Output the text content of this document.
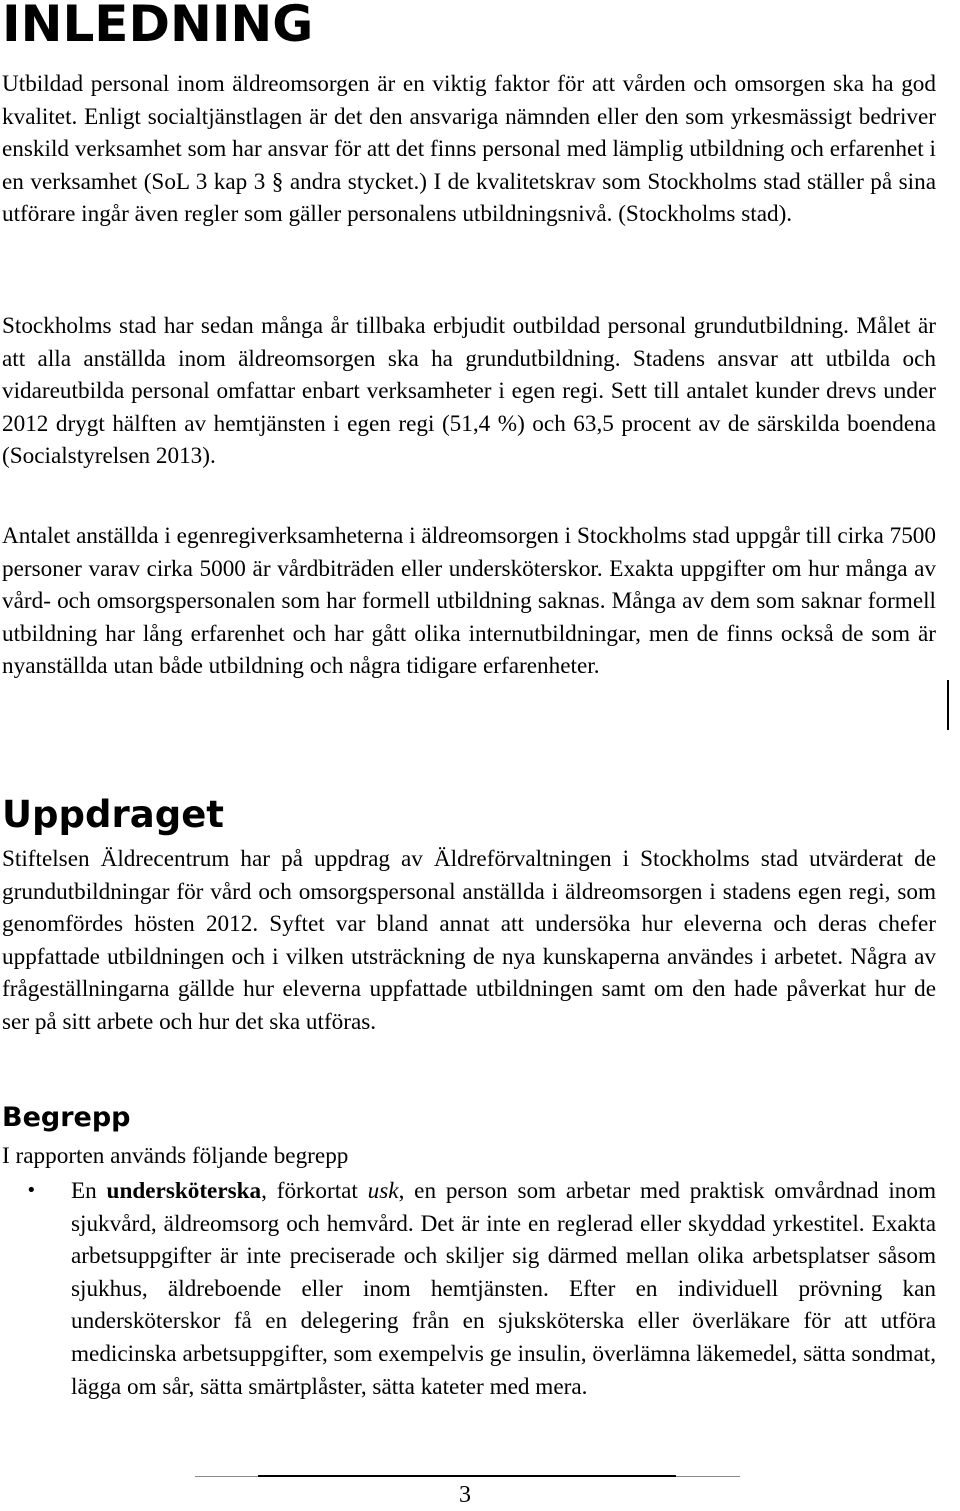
INLEDNING

Utbildad personal inom äldreomsorgen är en viktig faktor för att vården och omsorgen ska ha god kvalitet. Enligt socialtjänstlagen är det den ansvariga nämnden eller den som yrkesmässigt bedriver enskild verksamhet som har ansvar för att det finns personal med lämplig utbildning och erfarenhet i en verksamhet (SoL 3 kap 3 § andra stycket.) I de kvalitetskrav som Stockholms stad ställer på sina utförare ingår även regler som gäller personalens utbildningsnivå. (Stockholms stad).

Stockholms stad har sedan många år tillbaka erbjudit outbildad personal grundutbildning. Målet är att alla anställda inom äldreomsorgen ska ha grundutbildning. Stadens ansvar att utbilda och vidareutbilda personal omfattar enbart verksamheter i egen regi. Sett till antalet kunder drevs under 2012 drygt hälften av hemtjänsten i egen regi (51,4 %) och 63,5 procent av de särskilda boendena (Socialstyrelsen 2013).

Antalet anställda i egenregiverksamheterna i äldreomsorgen i Stockholms stad uppgår till cirka 7500 personer varav cirka 5000 är vårdbiträden eller undersköterskor. Exakta uppgifter om hur många av vård- och omsorgspersonalen som har formell utbildning saknas. Många av dem som saknar formell utbildning har lång erfarenhet och har gått olika internutbildningar, men de finns också de som är nyanställda utan både utbildning och några tidigare erfarenheter.

Uppdraget

Stiftelsen Äldrecentrum har på uppdrag av Äldreförvaltningen i Stockholms stad utvärderat de grundutbildningar för vård och omsorgspersonal anställda i äldreomsorgen i stadens egen regi, som genomfördes hösten 2012. Syftet var bland annat att undersöka hur eleverna och deras chefer uppfattade utbildningen och i vilken utsträckning de nya kunskaperna användes i arbetet. Några av frågeställningarna gällde hur eleverna uppfattade utbildningen samt om den hade påverkat hur de ser på sitt arbete och hur det ska utföras.

Begrepp

I rapporten används följande begrepp

• En undersköterska, förkortat usk, en person som arbetar med praktisk omvårdnad inom sjukvård, äldreomsorg och hemvård. Det är inte en reglerad eller skyddad yrkestitel. Exakta arbetsuppgifter är inte preciserade och skiljer sig därmed mellan olika arbetsplatser såsom sjukhus, äldreboende eller inom hemtjänsten. Efter en individuell prövning kan undersköterskor få en delegering från en sjuksköterska eller överläkare för att utföra medicinska arbetsuppgifter, som exempelvis ge insulin, överlämna läkemedel, sätta sondmat, lägga om sår, sätta smärtplåster, sätta kateter med mera.
3
